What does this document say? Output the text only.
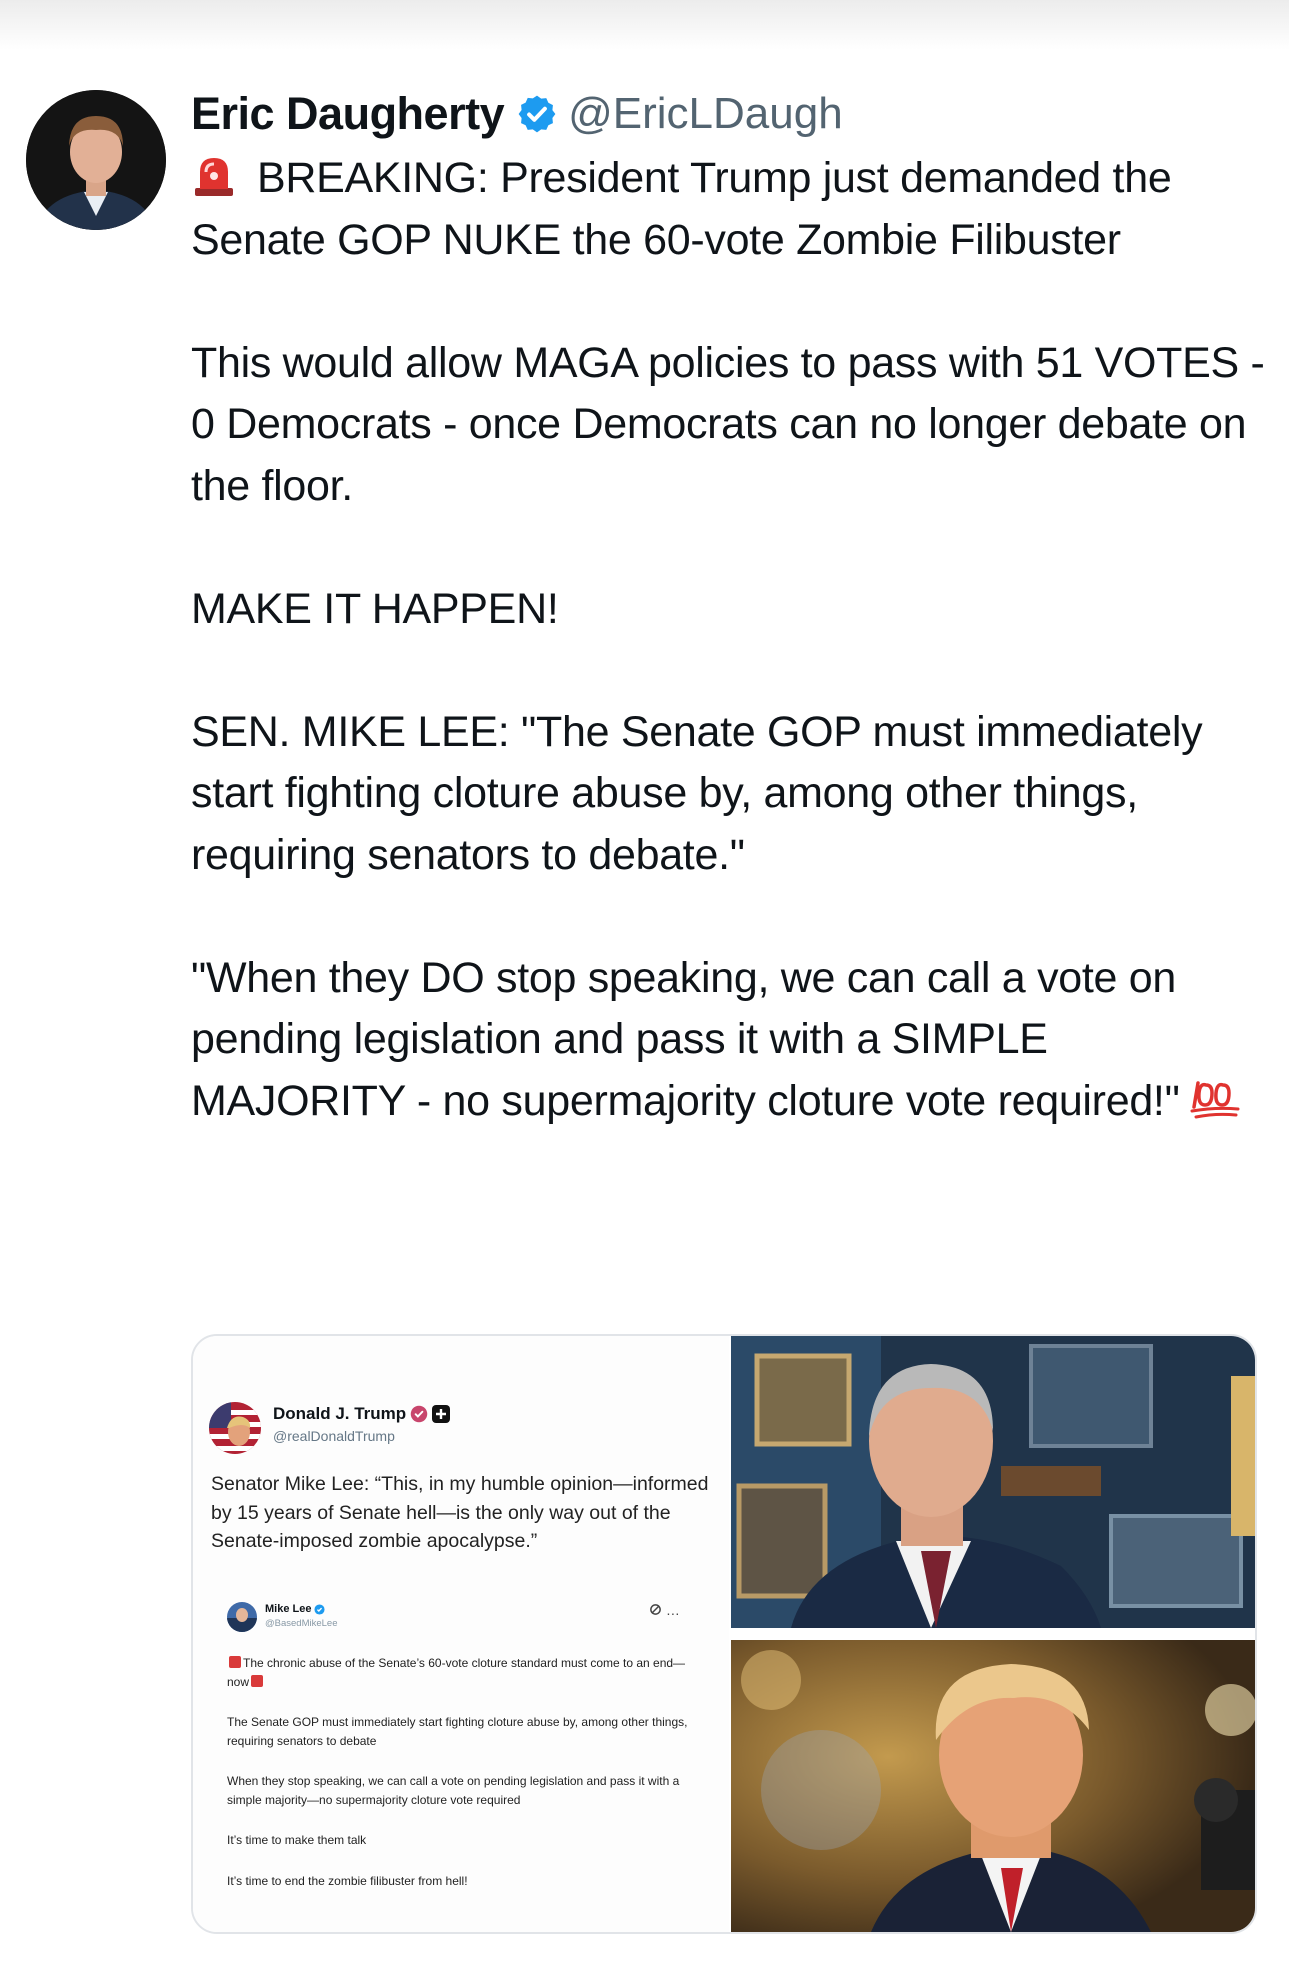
Eric Daugherty @EricLDaugh

BREAKING: President Trump just demanded the Senate GOP NUKE the 60-vote Zombie Filibuster

This would allow MAGA policies to pass with 51 VOTES - 0 Democrats - once Democrats can no longer debate on the floor.

MAKE IT HAPPEN!

SEN. MIKE LEE: "The Senate GOP must immediately start fighting cloture abuse by, among other things, requiring senators to debate."

"When they DO stop speaking, we can call a vote on pending legislation and pass it with a SIMPLE MAJORITY - no supermajority cloture vote required!"

Donald J. Trump
@realDonaldTrump
Senator Mike Lee: “This, in my humble opinion—informed by 15 years of Senate hell—is the only way out of the Senate-imposed zombie apocalypse.”
Mike Lee
@BasedMikeLee
…

The chronic abuse of the Senate’s 60-vote cloture standard must come to an end—now

The Senate GOP must immediately start fighting cloture abuse by, among other things, requiring senators to debate

When they stop speaking, we can call a vote on pending legislation and pass it with a simple majority—no supermajority cloture vote required

It’s time to make them talk

It’s time to end the zombie filibuster from hell!
